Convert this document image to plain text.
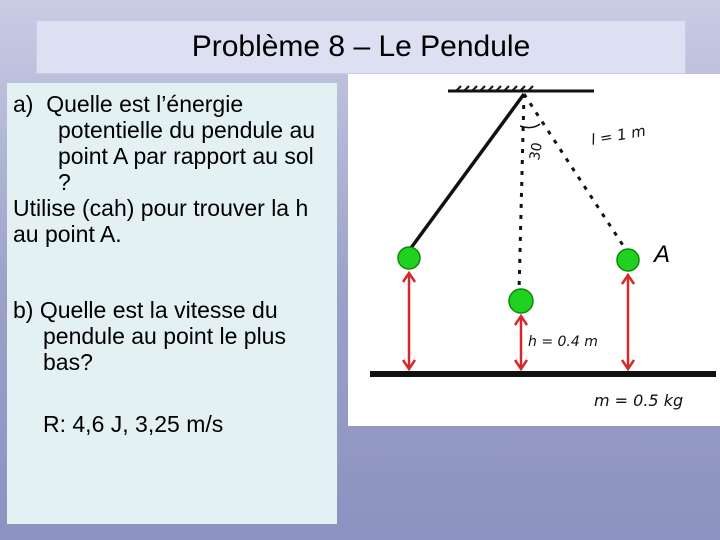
Problème 8 – Le Pendule

a) Quelle est l’énergie potentielle du pendule au point A par rapport au sol ?

Utilise (cah) pour trouver la h au point A.

b) Quelle est la vitesse du pendule au point le plus bas?

R: 4,6 J, 3,25 m/s

30
l = 1 m
h = 0.4 m
m = 0.5 kg
A
